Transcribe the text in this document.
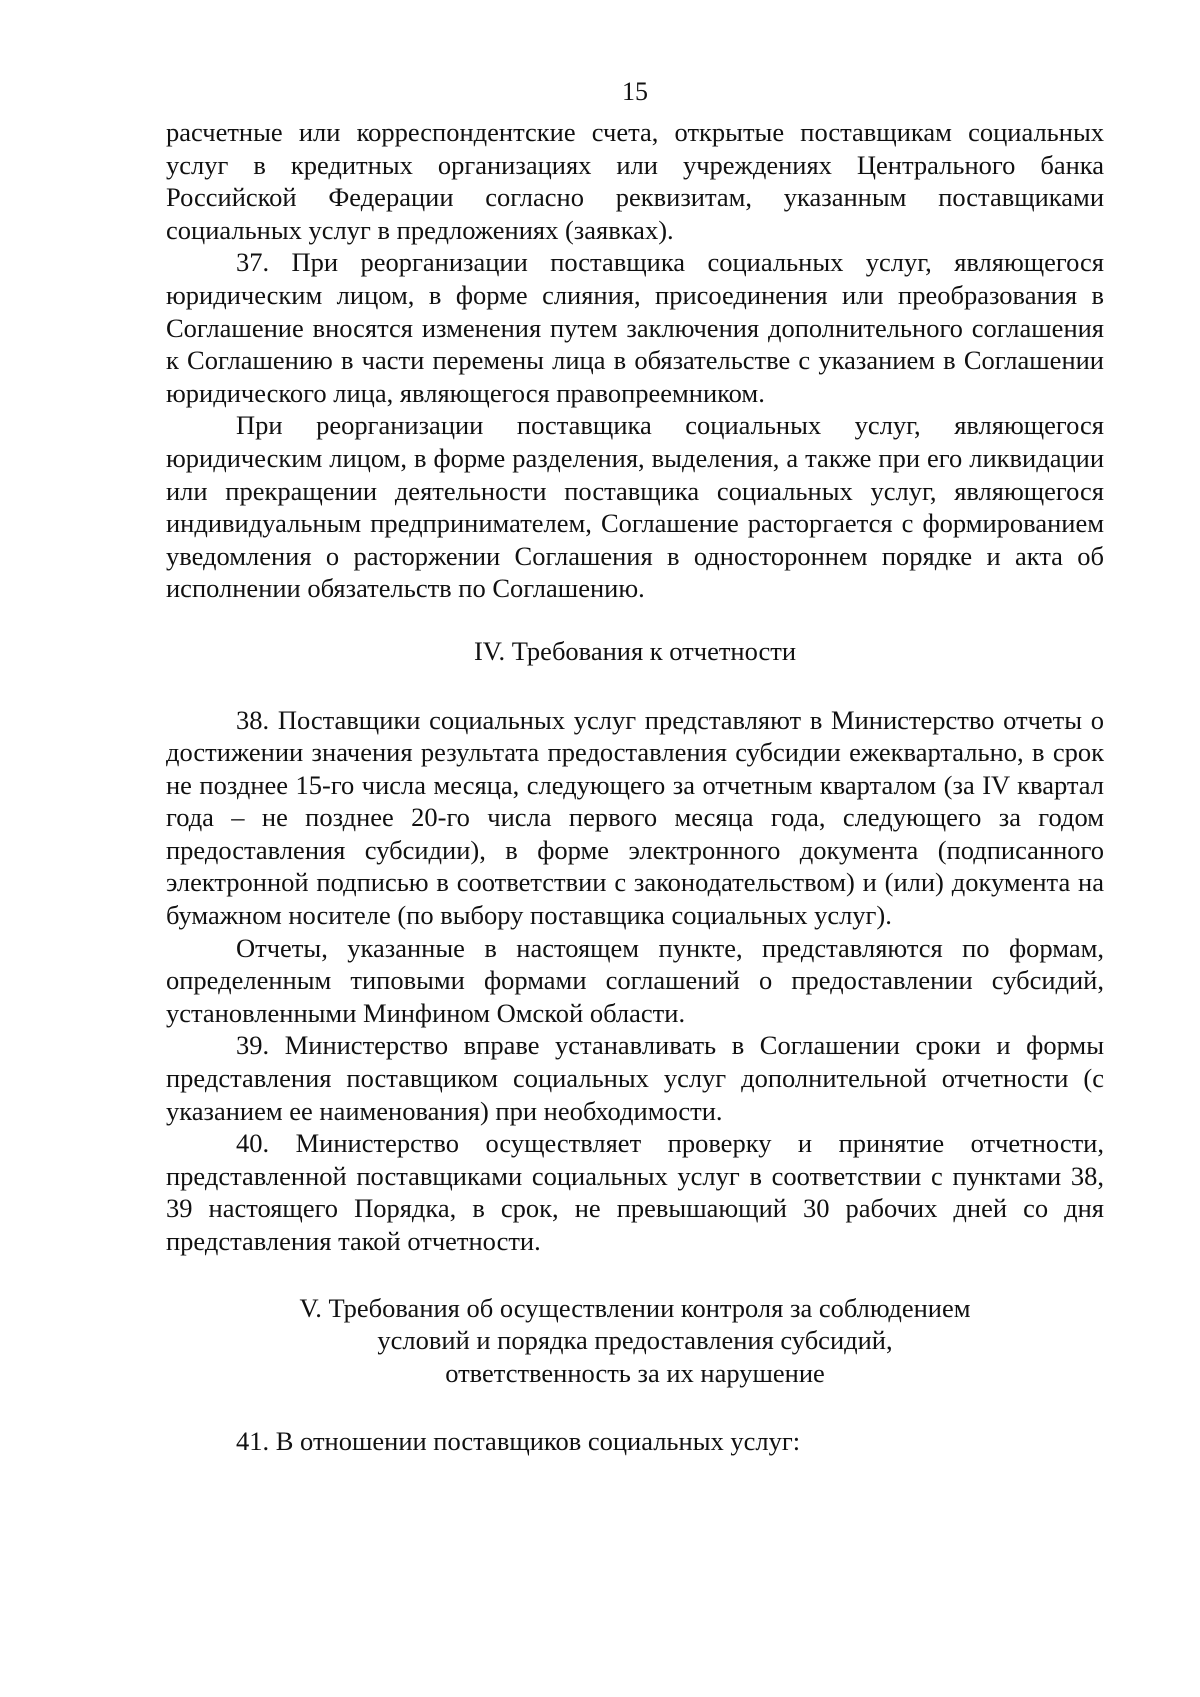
15

расчетные или корреспондентские счета, открытые поставщикам социальных услуг в кредитных организациях или учреждениях Центрального банка Российской Федерации согласно реквизитам, указанным поставщиками социальных услуг в предложениях (заявках).

37. При реорганизации поставщика социальных услуг, являющегося юридическим лицом, в форме слияния, присоединения или преобразования в Соглашение вносятся изменения путем заключения дополнительного соглашения к Соглашению в части перемены лица в обязательстве с указанием в Соглашении юридического лица, являющегося правопреемником.

При реорганизации поставщика социальных услуг, являющегося юридическим лицом, в форме разделения, выделения, а также при его ликвидации или прекращении деятельности поставщика социальных услуг, являющегося индивидуальным предпринимателем, Соглашение расторгается с формированием уведомления о расторжении Соглашения в одностороннем порядке и акта об исполнении обязательств по Соглашению.

IV. Требования к отчетности

38. Поставщики социальных услуг представляют в Министерство отчеты о достижении значения результата предоставления субсидии ежеквартально, в срок не позднее 15-го числа месяца, следующего за отчетным кварталом (за IV квартал года – не позднее 20-го числа первого месяца года, следующего за годом предоставления субсидии), в форме электронного документа (подписанного электронной подписью в соответствии с законодательством) и (или) документа на бумажном носителе (по выбору поставщика социальных услуг).

Отчеты, указанные в настоящем пункте, представляются по формам, определенным типовыми формами соглашений о предоставлении субсидий, установленными Минфином Омской области.

39. Министерство вправе устанавливать в Соглашении сроки и формы представления поставщиком социальных услуг дополнительной отчетности (с указанием ее наименования) при необходимости.

40. Министерство осуществляет проверку и принятие отчетности, представленной поставщиками социальных услуг в соответствии с пунктами 38, 39 настоящего Порядка, в срок, не превышающий 30 рабочих дней со дня представления такой отчетности.

V. Требования об осуществлении контроля за соблюдением
условий и порядка предоставления субсидий,
ответственность за их нарушение

41. В отношении поставщиков социальных услуг:
